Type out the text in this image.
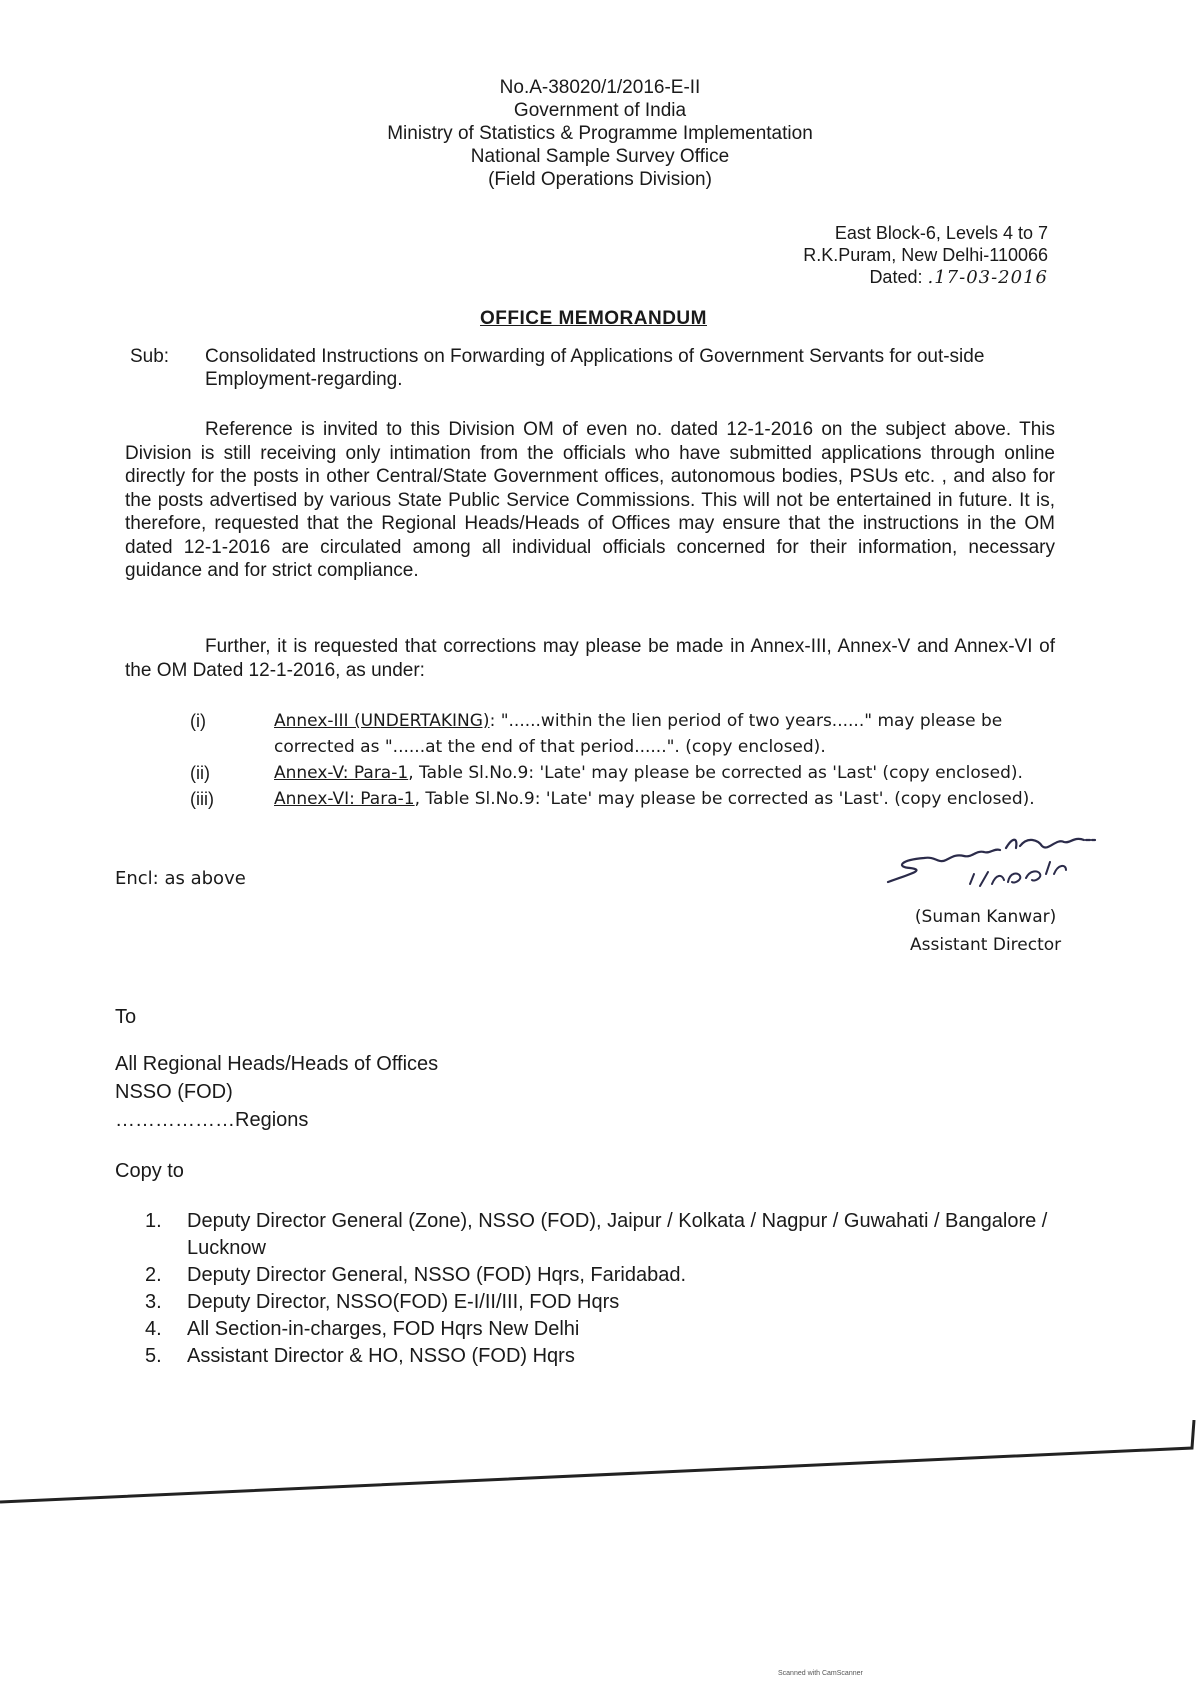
No.A-38020/1/2016-E-II
Government of India
Ministry of Statistics & Programme Implementation
National Sample Survey Office
(Field Operations Division)
East Block-6, Levels 4 to 7
R.K.Puram, New Delhi-110066
Dated: .17-03-2016
OFFICE MEMORANDUM
Sub: Consolidated Instructions on Forwarding of Applications of Government Servants for out-side Employment-regarding.
Reference is invited to this Division OM of even no. dated 12-1-2016 on the subject above. This Division is still receiving only intimation from the officials who have submitted applications through online directly for the posts in other Central/State Government offices, autonomous bodies, PSUs etc. , and also for the posts advertised by various State Public Service Commissions. This will not be entertained in future. It is, therefore, requested that the Regional Heads/Heads of Offices may ensure that the instructions in the OM dated 12-1-2016 are circulated among all individual officials concerned for their information, necessary guidance and for strict compliance.
Further, it is requested that corrections may please be made in Annex-III, Annex-V and Annex-VI of the OM Dated 12-1-2016, as under:
(i)	Annex-III (UNDERTAKING): "......within the lien period of two years......" may please be corrected as "......at the end of that period......". (copy enclosed).
(ii)	Annex-V: Para-1, Table Sl.No.9: 'Late' may please be corrected as 'Last' (copy enclosed).
(iii)	Annex-VI: Para-1, Table Sl.No.9: 'Late' may please be corrected as 'Last'. (copy enclosed).
Encl: as above
(Suman Kanwar)
Assistant Director
To
All Regional Heads/Heads of Offices
NSSO (FOD)
………………Regions
Copy to
1.	Deputy Director General (Zone), NSSO (FOD), Jaipur / Kolkata / Nagpur / Guwahati / Bangalore / Lucknow
2.	Deputy Director General, NSSO (FOD) Hqrs, Faridabad.
3.	Deputy Director, NSSO(FOD) E-I/II/III, FOD Hqrs
4.	All Section-in-charges, FOD Hqrs New Delhi
5.	Assistant Director & HO, NSSO (FOD) Hqrs
Scanned with CamScanner
